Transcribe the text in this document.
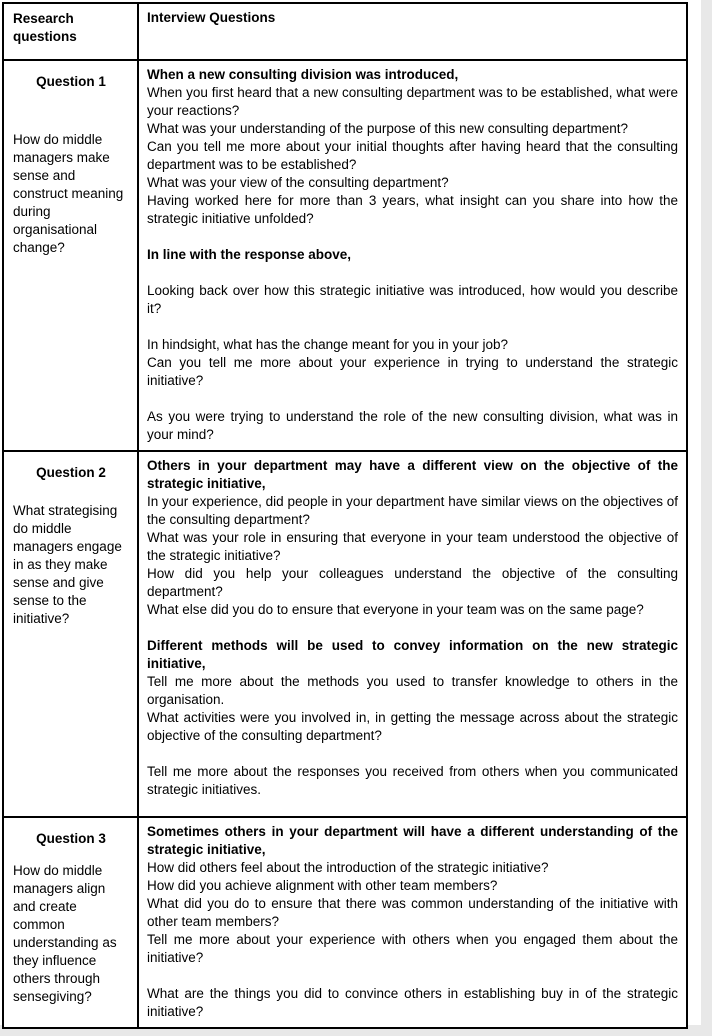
Research questions
Interview Questions
Question 1
How do middle managers make sense and construct meaning during organisational change?

When a new consulting division was introduced,

When you first heard that a new consulting department was to be established, what were your reactions?

What was your understanding of the purpose of this new consulting department?

Can you tell me more about your initial thoughts after having heard that the consulting department was to be established?

What was your view of the consulting department?

Having worked here for more than 3 years, what insight can you share into how the strategic initiative unfolded?

In line with the response above,

Looking back over how this strategic initiative was introduced, how would you describe it?

In hindsight, what has the change meant for you in your job?

Can you tell me more about your experience in trying to understand the strategic initiative?

As you were trying to understand the role of the new consulting division, what was in your mind?

Question 2
What strategising do middle managers engage in as they make sense and give sense to the initiative?

Others in your department may have a different view on the objective of the strategic initiative,

In your experience, did people in your department have similar views on the objectives of the consulting department?

What was your role in ensuring that everyone in your team understood the objective of the strategic initiative?

How did you help your colleagues understand the objective of the consulting department?

What else did you do to ensure that everyone in your team was on the same page?

Different methods will be used to convey information on the new strategic initiative,

Tell me more about the methods you used to transfer knowledge to others in the organisation.

What activities were you involved in, in getting the message across about the strategic objective of the consulting department?

Tell me more about the responses you received from others when you communicated strategic initiatives.

Question 3
How do middle managers align and create common understanding as they influence others through sensegiving?

Sometimes others in your department will have a different understanding of the strategic initiative,

How did others feel about the introduction of the strategic initiative?

How did you achieve alignment with other team members?

What did you do to ensure that there was common understanding of the initiative with other team members?

Tell me more about your experience with others when you engaged them about the initiative?

What are the things you did to convince others in establishing buy in of the strategic initiative?
